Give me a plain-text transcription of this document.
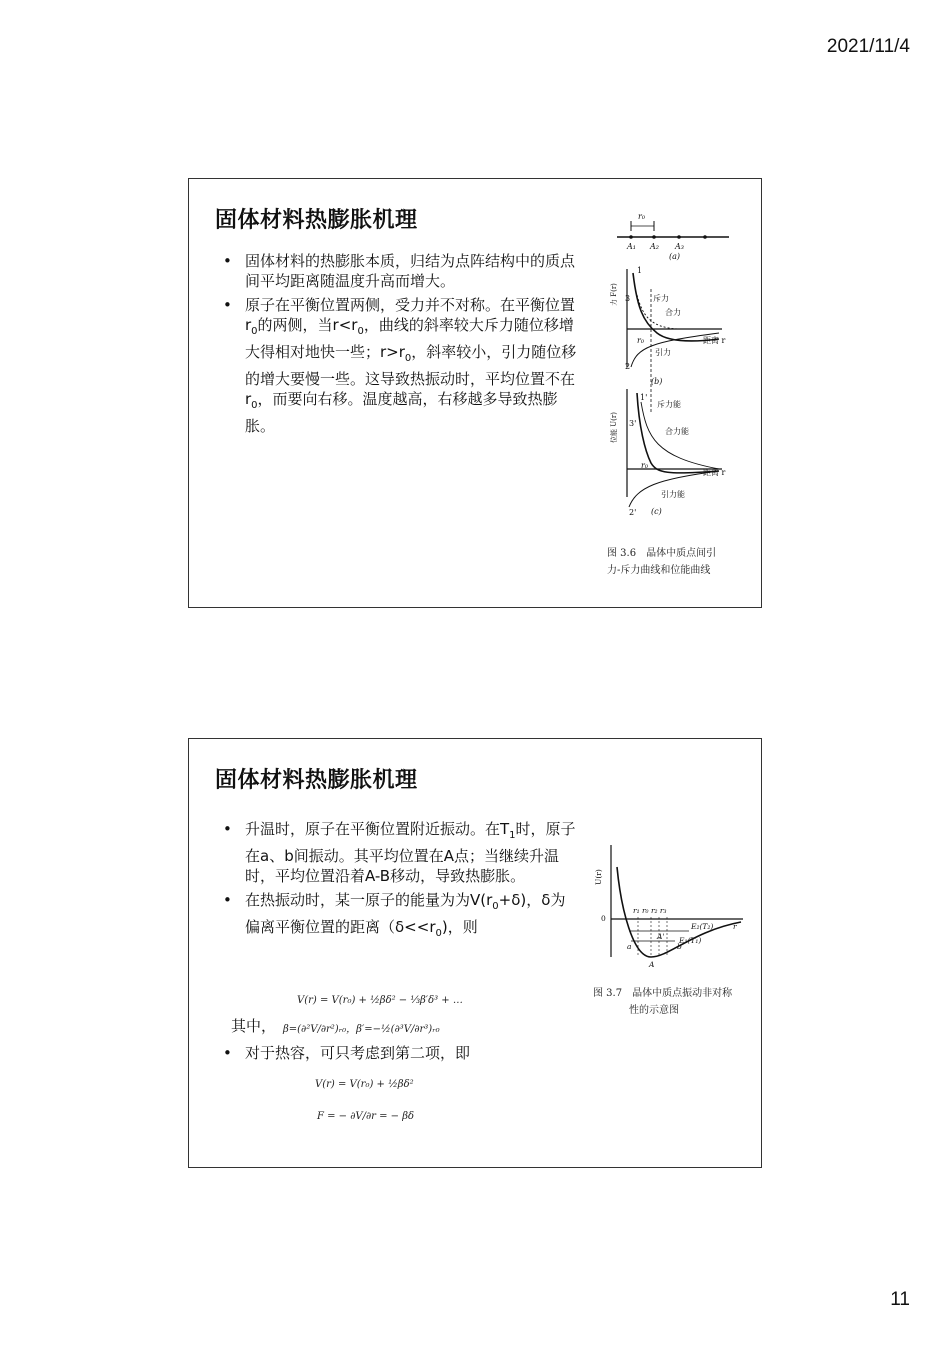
2021/11/4
固体材料热膨胀机理
• 固体材料的热膨胀本质，归结为点阵结构中的质点间平均距离随温度升高而增大。
• 原子在平衡位置两侧，受力并不对称。在平衡位置$r_0$的两侧，当$r<r_0$，曲线的斜率较大斥力随位移增大得相对地快一些；$r>r_0$，斜率较小，引力随位移的增大要慢一些。这导致热振动时，平均位置不在$r_0$，而要向右移。温度越高，右移越多导致热膨胀。
r₀
A₁ A₂ A₃
(a)
力 F(r)
1
3	斥力
合力
r₀	距离 r
引力
2
(b)
位能 U(r)
1'
斥力能
3'
合力能
r₀
距离 r
引力能
2' (c)
图 3.6　晶体中质点间引
力-斥力曲线和位能曲线
固体材料热膨胀机理
• 升温时，原子在平衡位置附近振动。在$T_1$时，原子在a、b间振动。其平均位置在A点；当继续升温时，平均位置沿着A-B移动，导致热膨胀。
• 在热振动时，某一原子的能量为为$V(r_0+\delta)$，δ为偏离平衡位置的距离$(\delta<<r_0)$，则
V(r) = V(r₀) + ½βδ² − ⅓β′δ³ + …
其中， β=(∂²V/∂r²)ᵣ₀，β′=−½(∂³V/∂r³)ᵣ₀
• 对于热容，可只考虑到第二项，即
V(r) = V(r₀) + ½βδ²
F = − ∂V/∂r = − βδ
U(r)
0
r
r₁ r₀ r₂ r₃
E₂(T₂)
E₁(T₁)
a	b
A
A'
图 3.7　晶体中质点振动非对称
性的示意图
11
